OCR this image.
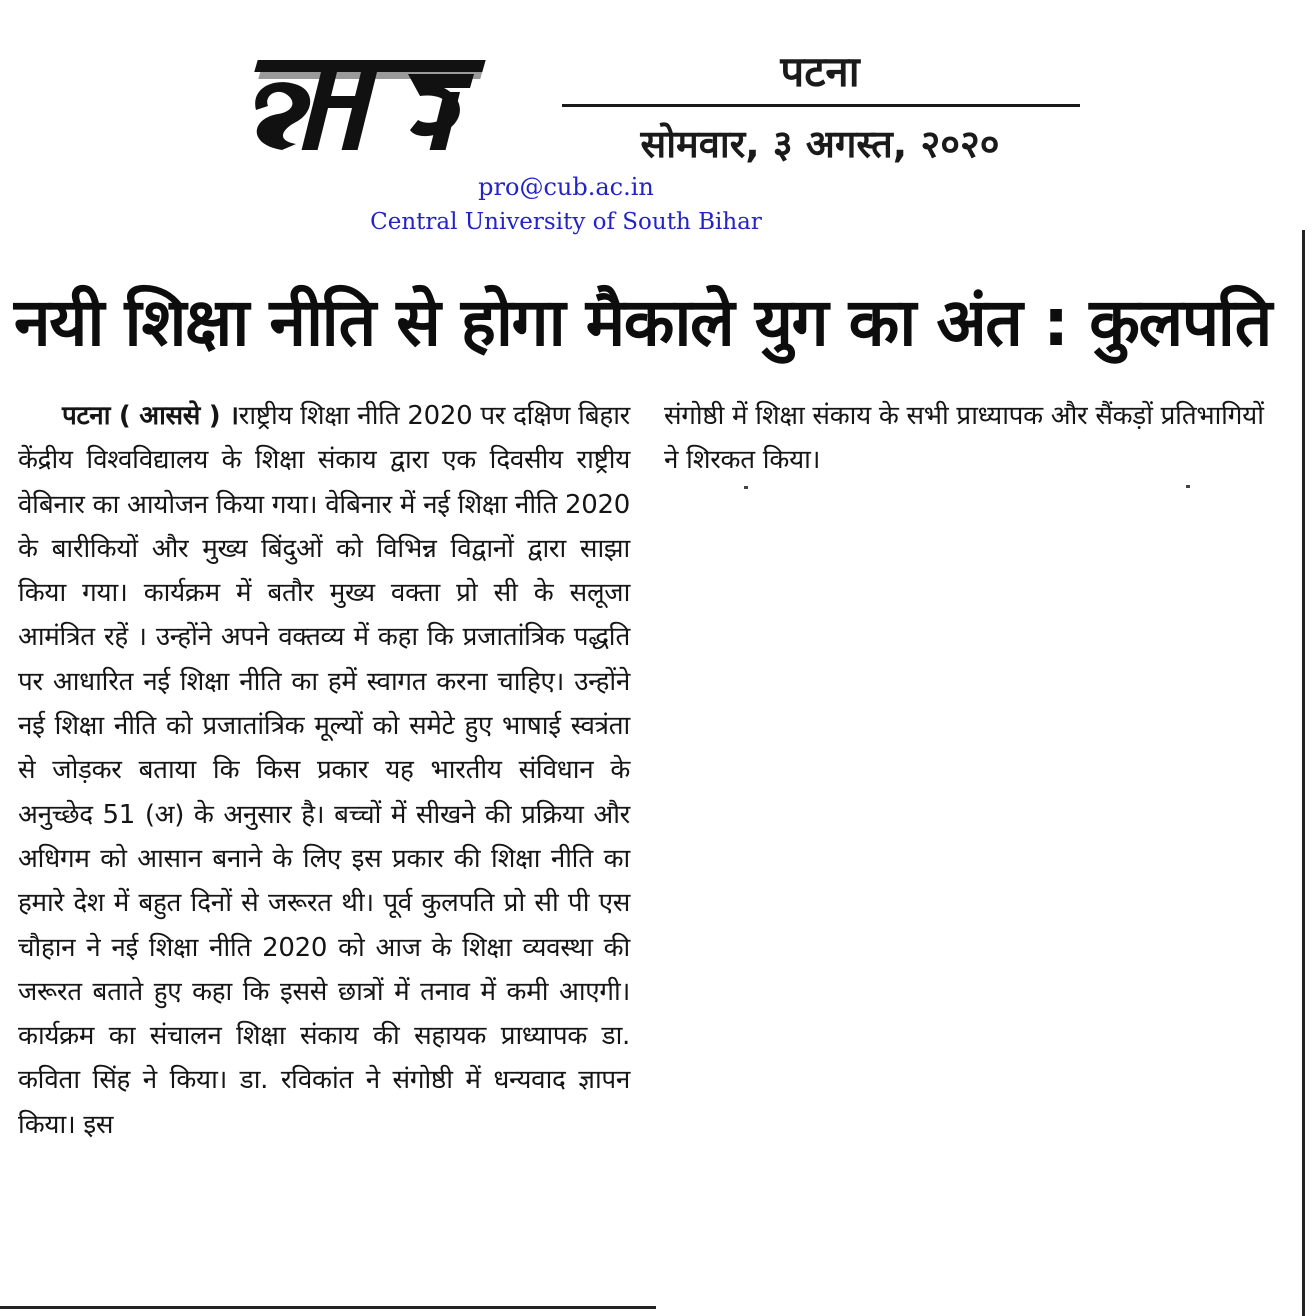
पटना
सोमवार, ३ अगस्त, २०२०
pro@cub.ac.in
Central University of South Bihar
नयी शिक्षा नीति से होगा मैकाले युग का अंत : कुलपति
पटना ( आससे ) ।राष्ट्रीय शिक्षा नीति 2020 पर दक्षिण बिहार केंद्रीय विश्वविद्यालय के शिक्षा संकाय द्वारा एक दिवसीय राष्ट्रीय वेबिनार का आयोजन किया गया। वेबिनार में नई शिक्षा नीति 2020 के बारीकियों और मुख्य बिंदुओं को विभिन्न विद्वानों द्वारा साझा किया गया। कार्यक्रम में बतौर मुख्य वक्ता प्रो सी के सलूजा आमंत्रित रहें । उन्होंने अपने वक्तव्य में कहा कि प्रजातांत्रिक पद्धति पर आधारित नई शिक्षा नीति का हमें स्वागत करना चाहिए। उन्होंने नई शिक्षा नीति को प्रजातांत्रिक मूल्यों को समेटे हुए भाषाई स्वत्रंता से जोड़कर बताया कि किस प्रकार यह भारतीय संविधान के अनुच्छेद 51 (अ) के अनुसार है। बच्चों में सीखने की प्रक्रिया और अधिगम को आसान बनाने के लिए इस प्रकार की शिक्षा नीति का हमारे देश में बहुत दिनों से जरूरत थी। पूर्व कुलपति प्रो सी पी एस चौहान ने नई शिक्षा नीति 2020 को आज के शिक्षा व्यवस्था की जरूरत बताते हुए कहा कि इससे छात्रों में तनाव में कमी आएगी। कार्यक्रम का संचालन शिक्षा संकाय की सहायक प्राध्यापक डा. कविता सिंह ने किया। डा. रविकांत ने संगोष्ठी में धन्यवाद ज्ञापन किया। इस
संगोष्ठी में शिक्षा संकाय के सभी प्राध्यापक और सैंकड़ों प्रतिभागियों ने शिरकत किया।
